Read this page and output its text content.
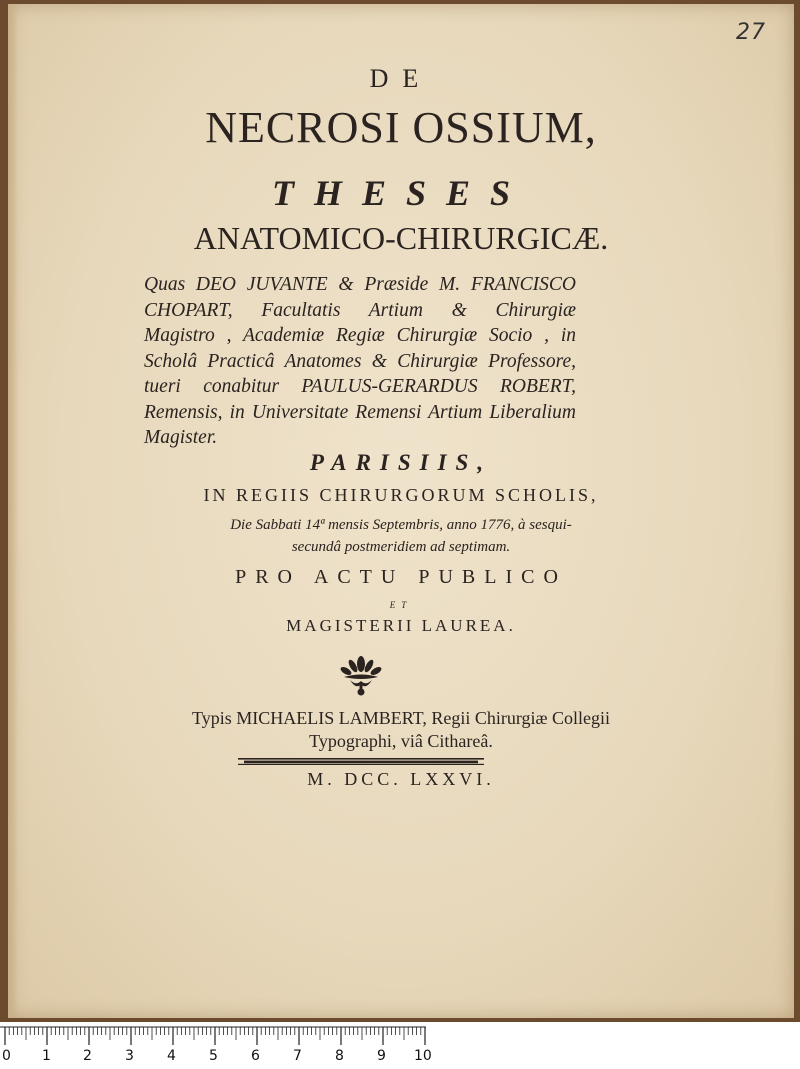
27
DE
NECROSI OSSIUM,
THESES
ANATOMICO-CHIRURGICÆ.
Quas DEO JUVANTE & Præside M. FRANCISCO
CHOPART, Facultatis Artium & Chirurgiæ
Magistro , Academiæ Regiæ Chirurgiæ Socio , in
Scholâ Practicâ Anatomes & Chirurgiæ Professore,
tueri conabitur PAULUS-GERARDUS ROBERT,
Remensis, in Universitate Remensi Artium Liberalium
Magister.
PARISIIS,
IN REGIIS CHIRURGORUM SCHOLIS,
Die Sabbati 14ª mensis Septembris, anno 1776, à sesqui-
secundâ postmeridiem ad septimam.
PRO ACTU PUBLICO
ET
MAGISTERII LAUREA.
Typis MICHAELIS LAMBERT, Regii Chirurgiæ Collegii
Typographi, viâ Cithareâ.
M. DCC. LXXVI.
0 1 2 3 4 5 6 7 8 9 10
